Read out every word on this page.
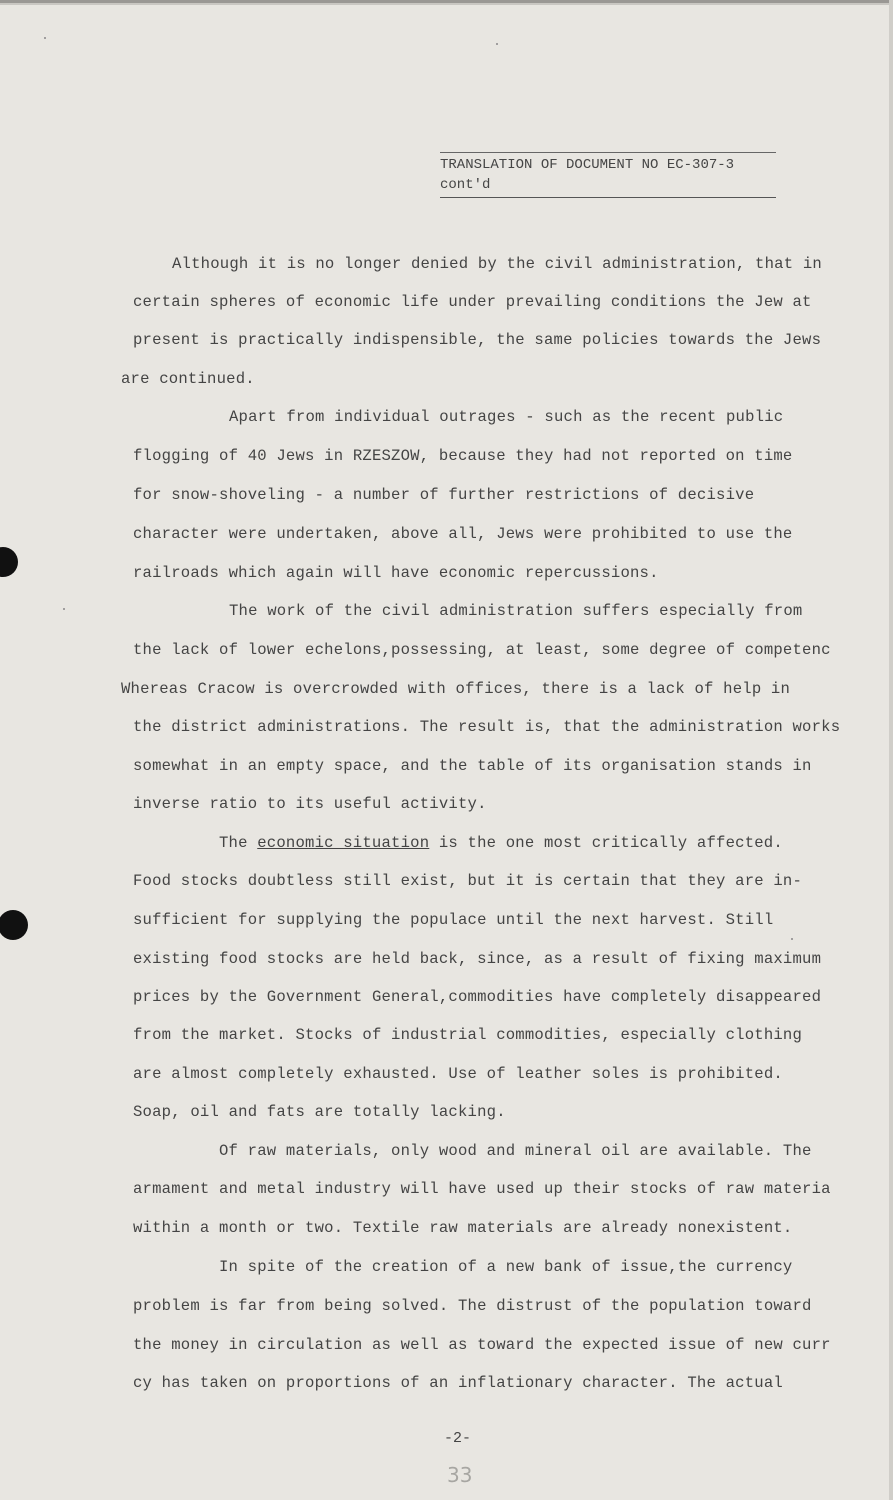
TRANSLATION OF DOCUMENT NO EC-307-3
cont'd
Although it is no longer denied by the civil administration, that in
certain spheres of economic life under prevailing conditions the Jew at
present is practically indispensible, the same policies towards the Jews
are continued.
Apart from individual outrages - such as the recent public
flogging of 40 Jews in RZESZOW, because they had not reported on time
for snow-shoveling - a number of further restrictions of decisive
character were undertaken, above all, Jews were prohibited to use the
railroads which again will have economic repercussions.
The work of the civil administration suffers especially from
the lack of lower echelons,possessing, at least, some degree of competenc
Whereas Cracow is overcrowded with offices, there is a lack of help in
the district administrations. The result is, that the administration works
somewhat in an empty space, and the table of its organisation stands in
inverse ratio to its useful activity.
The economic situation is the one most critically affected.
Food stocks doubtless still exist, but it is certain that they are in-
sufficient for supplying the populace until the next harvest. Still
existing food stocks are held back, since, as a result of fixing maximum
prices by the Government General,commodities have completely disappeared
from the market. Stocks of industrial commodities, especially clothing
are almost completely exhausted. Use of leather soles is prohibited.
Soap, oil and fats are totally lacking.
Of raw materials, only wood and mineral oil are available. The
armament and metal industry will have used up their stocks of raw materia
within a month or two. Textile raw materials are already nonexistent.
In spite of the creation of a new bank of issue,the currency
problem is far from being solved. The distrust of the population toward
the money in circulation as well as toward the expected issue of new curr
cy has taken on proportions of an inflationary character. The actual
-2-
33
